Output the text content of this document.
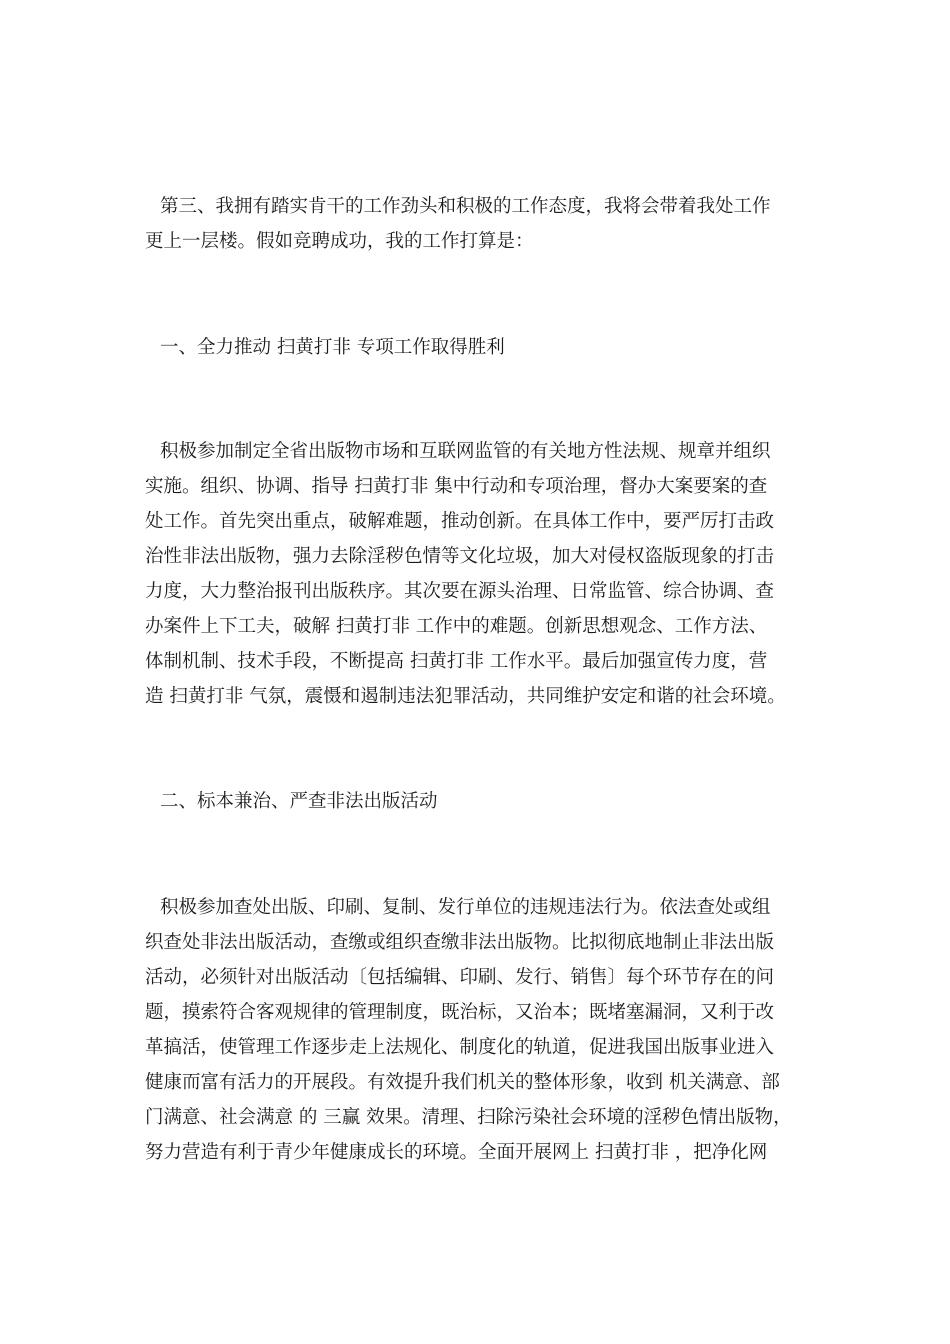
第三、我拥有踏实肯干的工作劲头和积极的工作态度，我将会带着我处工作
更上一层楼。假如竞聘成功，我的工作打算是：
一、全力推动 扫黄打非 专项工作取得胜利
积极参加制定全省出版物市场和互联网监管的有关地方性法规、规章并组织
实施。组织、协调、指导 扫黄打非 集中行动和专项治理，督办大案要案的查
处工作。首先突出重点，破解难题，推动创新。在具体工作中，要严厉打击政
治性非法出版物，强力去除淫秽色情等文化垃圾，加大对侵权盗版现象的打击
力度，大力整治报刊出版秩序。其次要在源头治理、日常监管、综合协调、查
办案件上下工夫，破解 扫黄打非 工作中的难题。创新思想观念、工作方法、
体制机制、技术手段，不断提高 扫黄打非 工作水平。最后加强宣传力度，营
造 扫黄打非 气氛，震慑和遏制违法犯罪活动，共同维护安定和谐的社会环境。
二、标本兼治、严查非法出版活动
积极参加查处出版、印刷、复制、发行单位的违规违法行为。依法查处或组
织查处非法出版活动，查缴或组织查缴非法出版物。比拟彻底地制止非法出版
活动，必须针对出版活动〔包括编辑、印刷、发行、销售〕每个环节存在的问
题，摸索符合客观规律的管理制度，既治标，又治本；既堵塞漏洞，又利于改
革搞活，使管理工作逐步走上法规化、制度化的轨道，促进我国出版事业进入
健康而富有活力的开展段。有效提升我们机关的整体形象，收到 机关满意、部
门满意、社会满意 的 三赢 效果。清理、扫除污染社会环境的淫秽色情出版物，
努力营造有利于青少年健康成长的环境。全面开展网上 扫黄打非 ，把净化网
